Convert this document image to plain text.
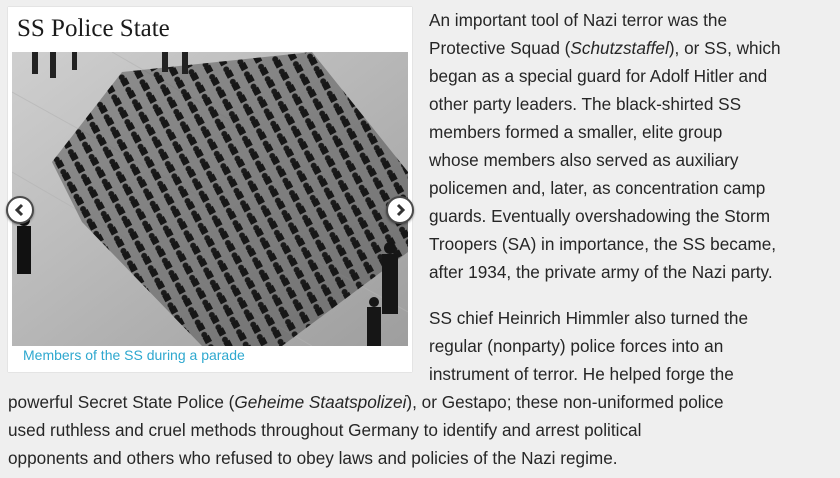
SS Police State
Members of the SS during a parade
An important tool of Nazi terror was the
Protective Squad (Schutzstaffel), or SS, which
began as a special guard for Adolf Hitler and
other party leaders. The black-shirted SS
members formed a smaller, elite group
whose members also served as auxiliary
policemen and, later, as concentration camp
guards. Eventually overshadowing the Storm
Troopers (SA) in importance, the SS became,
after 1934, the private army of the Nazi party.
SS chief Heinrich Himmler also turned the
regular (nonparty) police forces into an
instrument of terror. He helped forge the
powerful Secret State Police (Geheime Staatspolizei), or Gestapo; these non-uniformed police
used ruthless and cruel methods throughout Germany to identify and arrest political
opponents and others who refused to obey laws and policies of the Nazi regime.
